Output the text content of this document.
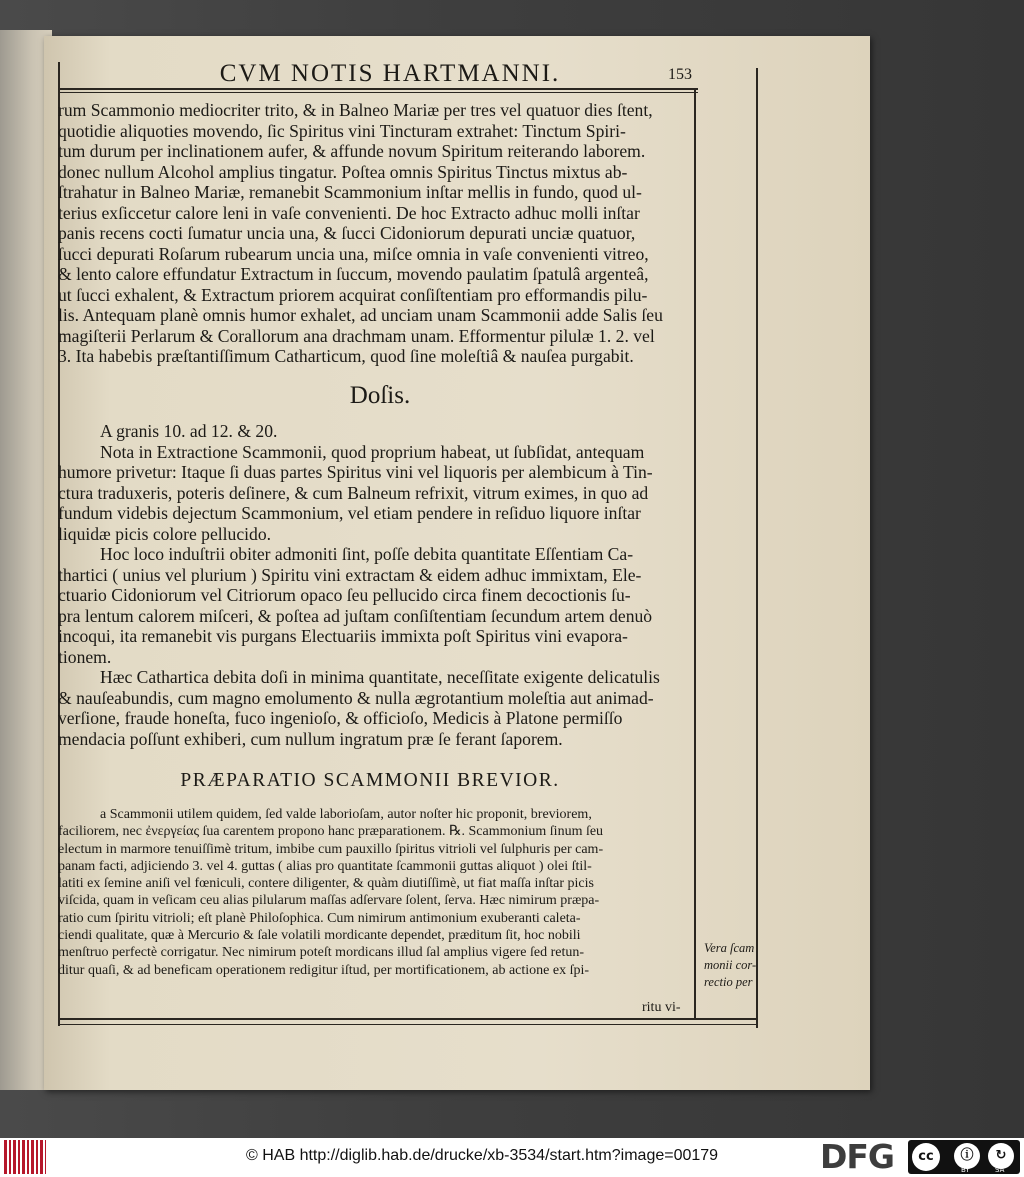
CVM NOTIS HARTMANNI.	153
rum Scammonio mediocriter trito, & in Balneo Mariæ per tres vel quatuor dies ſtent,
quotidie aliquoties movendo, ſic Spiritus vini Tincturam extrahet: Tinctum Spiri-
tum durum per inclinationem aufer, & affunde novum Spiritum reiterando laborem.
donec nullum Alcohol amplius tingatur. Poſtea omnis Spiritus Tinctus mixtus ab-
ſtrahatur in Balneo Mariæ, remanebit Scammonium inſtar mellis in fundo, quod ul-
terius exſiccetur calore leni in vaſe convenienti. De hoc Extracto adhuc molli inſtar
panis recens cocti ſumatur uncia una, & ſucci Cidoniorum depurati unciæ quatuor,
ſucci depurati Roſarum rubearum uncia una, miſce omnia in vaſe convenienti vitreo,
& lento calore effundatur Extractum in ſuccum, movendo paulatim ſpatulâ argenteâ,
ut ſucci exhalent, & Extractum priorem acquirat conſiſtentiam pro efformandis pilu-
lis. Antequam planè omnis humor exhalet, ad unciam unam Scammonii adde Salis ſeu
magiſterii Perlarum & Corallorum ana drachmam unam. Efformentur pilulæ 1. 2. vel
3. Ita habebis præſtantiſſimum Catharticum, quod ſine moleſtiâ & nauſea purgabit.
Doſis.
A granis 10. ad 12. & 20.
Nota in Extractione Scammonii, quod proprium habeat, ut ſubſidat, antequam
humore privetur: Itaque ſi duas partes Spiritus vini vel liquoris per alembicum à Tin-
ctura traduxeris, poteris deſinere, & cum Balneum refrixit, vitrum eximes, in quo ad
fundum videbis dejectum Scammonium, vel etiam pendere in reſiduo liquore inſtar
liquidæ picis colore pellucido.
Hoc loco induſtrii obiter admoniti ſint, poſſe debita quantitate Eſſentiam Ca-
thartici ( unius vel plurium ) Spiritu vini extractam & eidem adhuc immixtam, Ele-
ctuario Cidoniorum vel Citriorum opaco ſeu pellucido circa finem decoctionis ſu-
pra lentum calorem miſceri, & poſtea ad juſtam conſiſtentiam ſecundum artem denuò
incoqui, ita remanebit vis purgans Electuariis immixta poſt Spiritus vini evapora-
tionem.
Hæc Cathartica debita doſi in minima quantitate, neceſſitate exigente delicatulis
& nauſeabundis, cum magno emolumento & nulla ægrotantium moleſtia aut animad-
verſione, fraude honeſta, fuco ingenioſo, & officioſo, Medicis à Platone permiſſo
mendacia poſſunt exhiberi, cum nullum ingratum præ ſe ferant ſaporem.
PRÆPARATIO SCAMMONII BREVIOR.
a Scammonii utilem quidem, ſed valde laborioſam, autor noſter hic proponit, breviorem,
faciliorem, nec ἐνεργείας ſua carentem propono hanc præparationem. ℞. Scammonium ſinum ſeu
electum in marmore tenuiſſimè tritum, imbibe cum pauxillo ſpiritus vitrioli vel ſulphuris per cam-
panam facti, adjiciendo 3. vel 4. guttas ( alias pro quantitate ſcammonii guttas aliquot ) olei ſtil-
latiti ex ſemine aniſi vel fœniculi, contere diligenter, & quàm diutiſſimè, ut fiat maſſa inſtar picis
viſcida, quam in veſicam ceu alias pilularum maſſas adſervare ſolent, ſerva. Hæc nimirum præpa-
ratio cum ſpiritu vitrioli; eſt planè Philoſophica. Cum nimirum antimonium exuberanti caleta-
ciendi qualitate, quæ à Mercurio & ſale volatili mordicante dependet, præditum ſit, hoc nobili
menſtruo perfectè corrigatur. Nec nimirum poteſt mordicans illud ſal amplius vigere ſed retun-
ditur quaſi, & ad beneficam operationem redigitur iſtud, per mortificationem, ab actione ex ſpi-
Vera ſcam
monii cor-
rectio per
ritu vi-
© HAB http://diglib.hab.de/drucke/xb-3534/start.htm?image=00179	DFG	cc	ⓘ	↻
BY	SA
